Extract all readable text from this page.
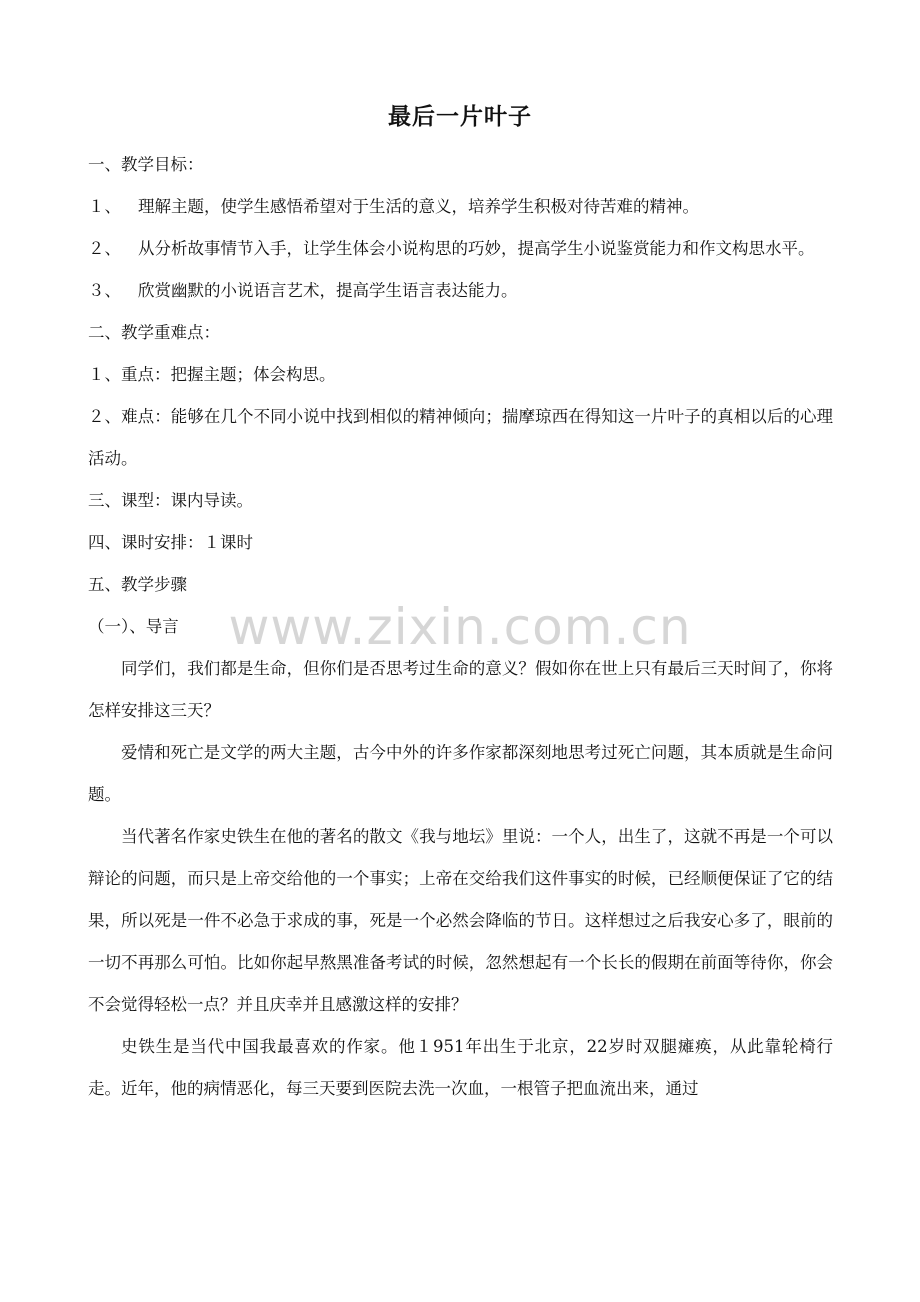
最后一片叶子

一、教学目标：

１、 理解主题，使学生感悟希望对于生活的意义，培养学生积极对待苦难的精神。

２、 从分析故事情节入手，让学生体会小说构思的巧妙，提高学生小说鉴赏能力和作文构思水平。

３、 欣赏幽默的小说语言艺术，提高学生语言表达能力。

二、教学重难点：

１、重点：把握主题；体会构思。

２、难点：能够在几个不同小说中找到相似的精神倾向；揣摩琼西在得知这一片叶子的真相以后的心理活动。

三、课型：课内导读。

四、课时安排：１课时

五、教学步骤

（一）、导言

同学们，我们都是生命，但你们是否思考过生命的意义？假如你在世上只有最后三天时间了，你将怎样安排这三天？

爱情和死亡是文学的两大主题，古今中外的许多作家都深刻地思考过死亡问题，其本质就是生命问题。

当代著名作家史铁生在他的著名的散文《我与地坛》里说：一个人，出生了，这就不再是一个可以辩论的问题，而只是上帝交给他的一个事实；上帝在交给我们这件事实的时候，已经顺便保证了它的结果，所以死是一件不必急于求成的事，死是一个必然会降临的节日。这样想过之后我安心多了，眼前的一切不再那么可怕。比如你起早熬黑准备考试的时候，忽然想起有一个长长的假期在前面等待你，你会不会觉得轻松一点？并且庆幸并且感激这样的安排？

史铁生是当代中国我最喜欢的作家。他１951年出生于北京，22岁时双腿瘫痪，从此靠轮椅行走。近年，他的病情恶化，每三天要到医院去洗一次血，一根管子把血流出来，通过

www.zixin.com.cn
